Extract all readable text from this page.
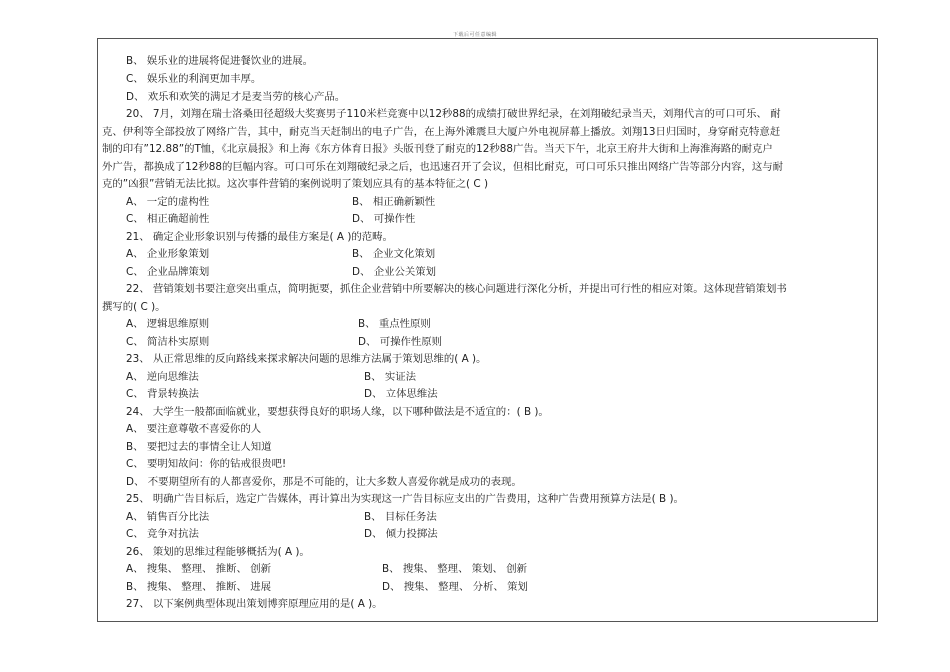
下载后可任意编辑
B、 娱乐业的进展将促进餐饮业的进展。
C、 娱乐业的利润更加丰厚。
D、 欢乐和欢笑的满足才是麦当劳的核心产品。
20、 7月，刘翔在瑞士洛桑田径超级大奖赛男子110米栏竞赛中以12秒88的成绩打破世界纪录，在刘翔破纪录当天，刘翔代言的可口可乐、 耐
克、伊利等全部投放了网络广告，其中，耐克当天赶制出的电子广告，在上海外滩震旦大厦户外电视屏幕上播放。刘翔13日归国时，身穿耐克特意赶
制的印有”12.88”的T恤，《北京晨报》和上海《东方体育日报》头版刊登了耐克的12秒88广告。当天下午，北京王府井大街和上海淮海路的耐克户
外广告，都换成了12秒88的巨幅内容。可口可乐在刘翔破纪录之后，也迅速召开了会议，但相比耐克，可口可乐只推出网络广告等部分内容，这与耐
克的”凶狠”营销无法比拟。这次事件营销的案例说明了策划应具有的基本特征之( C )
A、 一定的虚构性	B、 相正确新颖性
C、 相正确超前性	D、 可操作性
21、 确定企业形象识别与传播的最佳方案是( A )的范畴。
A、 企业形象策划	B、 企业文化策划
C、 企业品牌策划	D、 企业公关策划
22、 营销策划书要注意突出重点，简明扼要，抓住企业营销中所要解决的核心问题进行深化分析，并提出可行性的相应对策。这体现营销策划书
撰写的( C )。
A、 逻辑思维原则	B、 重点性原则
C、 简洁朴实原则	D、 可操作性原则
23、 从正常思维的反向路线来探求解决问题的思维方法属于策划思维的( A )。
A、 逆向思维法	B、 实证法
C、 背景转换法	D、 立体思维法
24、 大学生一般都面临就业，要想获得良好的职场人缘，以下哪种做法是不适宜的：( B )。
A、 要注意尊敬不喜爱你的人
B、 要把过去的事情全让人知道
C、 要明知故问：你的钻戒很贵吧!
D、 不要期望所有的人都喜爱你，那是不可能的，让大多数人喜爱你就是成功的表现。
25、 明确广告目标后，选定广告媒体，再计算出为实现这一广告目标应支出的广告费用，这种广告费用预算方法是( B )。
A、 销售百分比法	B、 目标任务法
C、 竞争对抗法	D、 倾力投掷法
26、 策划的思维过程能够概括为( A )。
A、 搜集、 整理、 推断、 创新	B、 搜集、 整理、 策划、 创新
B、 搜集、 整理、 推断、 进展	D、 搜集、 整理、 分析、 策划
27、 以下案例典型体现出策划博弈原理应用的是( A )。
